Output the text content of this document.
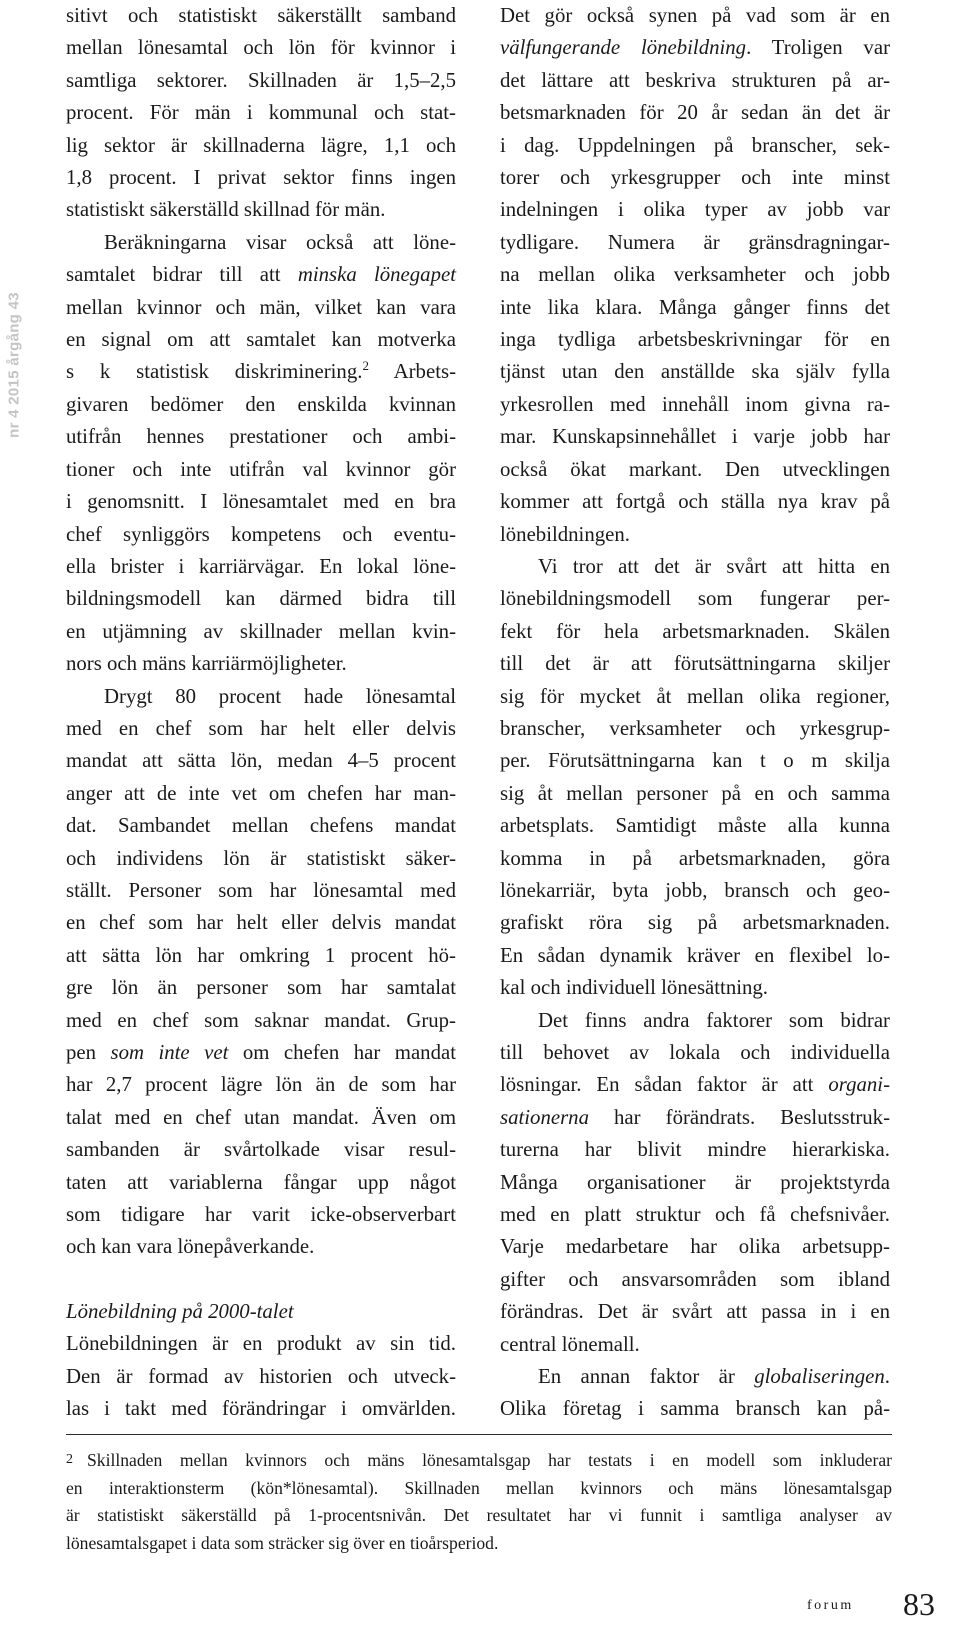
nr 4 2015 årgång 43

sitivt och statistiskt säkerställt samband

mellan lönesamtal och lön för kvinnor i

samtliga sektorer. Skillnaden är 1,5–2,5

procent. För män i kommunal och stat-

lig sektor är skillnaderna lägre, 1,1 och

1,8 procent. I privat sektor finns ingen

statistiskt säkerställd skillnad för män.

Beräkningarna visar också att löne-

samtalet bidrar till att minska lönegapet

mellan kvinnor och män, vilket kan vara

en signal om att samtalet kan motverka

s k statistisk diskriminering.$^2$ Arbets-

givaren bedömer den enskilda kvinnan

utifrån hennes prestationer och ambi-

tioner och inte utifrån val kvinnor gör

i genomsnitt. I lönesamtalet med en bra

chef synliggörs kompetens och eventu-

ella brister i karriärvägar. En lokal löne-

bildningsmodell kan därmed bidra till

en utjämning av skillnader mellan kvin-

nors och mäns karriärmöjligheter.

Drygt 80 procent hade lönesamtal

med en chef som har helt eller delvis

mandat att sätta lön, medan 4–5 procent

anger att de inte vet om chefen har man-

dat. Sambandet mellan chefens mandat

och individens lön är statistiskt säker-

ställt. Personer som har lönesamtal med

en chef som har helt eller delvis mandat

att sätta lön har omkring 1 procent hö-

gre lön än personer som har samtalat

med en chef som saknar mandat. Grup-

pen som inte vet om chefen har mandat

har 2,7 procent lägre lön än de som har

talat med en chef utan mandat. Även om

sambanden är svårtolkade visar resul-

taten att variablerna fångar upp något

som tidigare har varit icke-observerbart

och kan vara lönepåverkande.

Lönebildning på 2000-talet

Lönebildningen är en produkt av sin tid.

Den är formad av historien och utveck-

las i takt med förändringar i omvärlden.

Det gör också synen på vad som är en

välfungerande lönebildning. Troligen var

det lättare att beskriva strukturen på ar-

betsmarknaden för 20 år sedan än det är

i dag. Uppdelningen på branscher, sek-

torer och yrkesgrupper och inte minst

indelningen i olika typer av jobb var

tydligare. Numera är gränsdragningar-

na mellan olika verksamheter och jobb

inte lika klara. Många gånger finns det

inga tydliga arbetsbeskrivningar för en

tjänst utan den anställde ska själv fylla

yrkesrollen med innehåll inom givna ra-

mar. Kunskapsinnehållet i varje jobb har

också ökat markant. Den utvecklingen

kommer att fortgå och ställa nya krav på

lönebildningen.

Vi tror att det är svårt att hitta en

lönebildningsmodell som fungerar per-

fekt för hela arbetsmarknaden. Skälen

till det är att förutsättningarna skiljer

sig för mycket åt mellan olika regioner,

branscher, verksamheter och yrkesgrup-

per. Förutsättningarna kan t o m skilja

sig åt mellan personer på en och samma

arbetsplats. Samtidigt måste alla kunna

komma in på arbetsmarknaden, göra

lönekarriär, byta jobb, bransch och geo-

grafiskt röra sig på arbetsmarknaden.

En sådan dynamik kräver en flexibel lo-

kal och individuell lönesättning.

Det finns andra faktorer som bidrar

till behovet av lokala och individuella

lösningar. En sådan faktor är att organi-

sationerna har förändrats. Beslutsstruk-

turerna har blivit mindre hierarkiska.

Många organisationer är projektstyrda

med en platt struktur och få chefsnivåer.

Varje medarbetare har olika arbetsupp-

gifter och ansvarsområden som ibland

förändras. Det är svårt att passa in i en

central lönemall.

En annan faktor är globaliseringen.

Olika företag i samma bransch kan på-

2 Skillnaden mellan kvinnors och mäns lönesamtalsgap har testats i en modell som inkluderar

en interaktionsterm (kön*lönesamtal). Skillnaden mellan kvinnors och mäns lönesamtalsgap

är statistiskt säkerställd på 1-procentsnivån. Det resultatet har vi funnit i samtliga analyser av

lönesamtalsgapet i data som sträcker sig över en tioårsperiod.

forum 83
